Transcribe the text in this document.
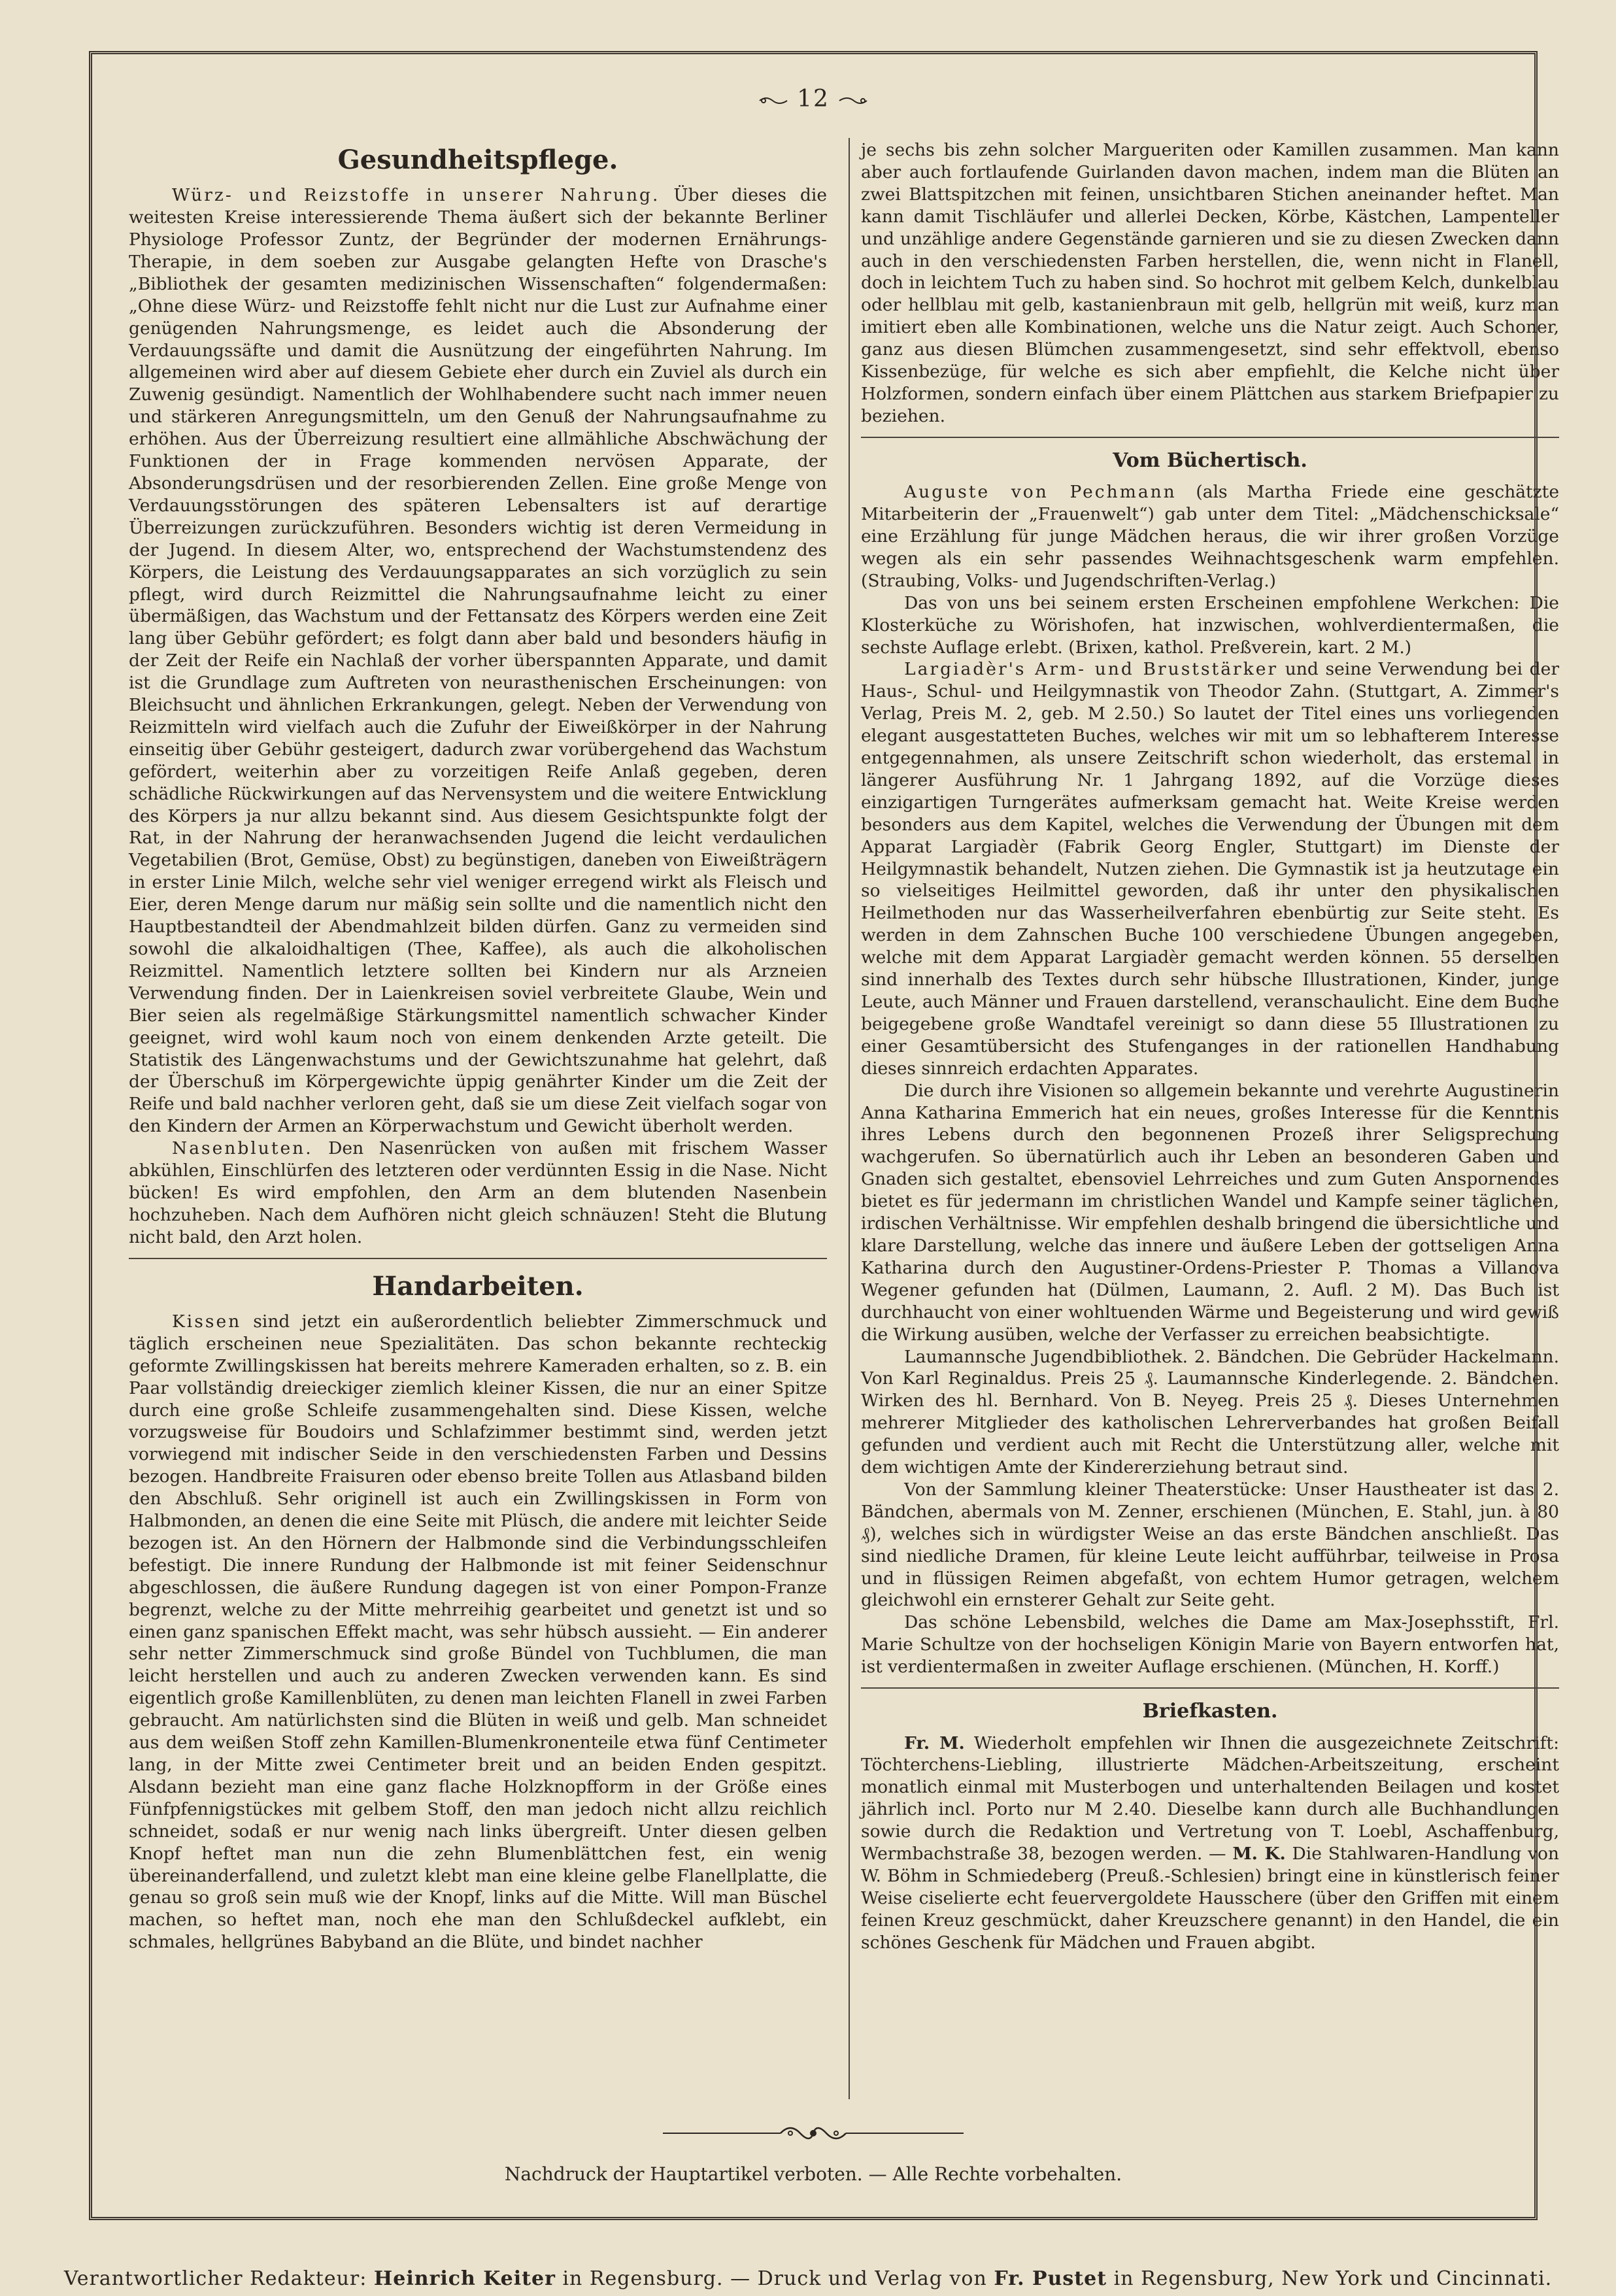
12
Gesundheitspflege.

Würz- und Reizstoffe in unserer Nahrung. Über dieses die weitesten Kreise interessierende Thema äußert sich der bekannte Berliner Physiologe Professor Zuntz, der Begründer der modernen Ernährungs-Therapie, in dem soeben zur Ausgabe gelangten Hefte von Drasche's „Bibliothek der gesamten medizinischen Wissenschaften“ folgendermaßen: „Ohne diese Würz- und Reizstoffe fehlt nicht nur die Lust zur Aufnahme einer genügenden Nahrungsmenge, es leidet auch die Absonderung der Verdauungssäfte und damit die Ausnützung der eingeführten Nahrung. Im allgemeinen wird aber auf diesem Gebiete eher durch ein Zuviel als durch ein Zuwenig gesündigt. Namentlich der Wohlhabendere sucht nach immer neuen und stärkeren Anregungsmitteln, um den Genuß der Nahrungsaufnahme zu erhöhen. Aus der Überreizung resultiert eine allmähliche Abschwächung der Funktionen der in Frage kommenden nervösen Apparate, der Absonderungsdrüsen und der resorbierenden Zellen. Eine große Menge von Verdauungsstörungen des späteren Lebensalters ist auf derartige Überreizungen zurückzuführen. Besonders wichtig ist deren Vermeidung in der Jugend. In diesem Alter, wo, entsprechend der Wachstumstendenz des Körpers, die Leistung des Verdauungsapparates an sich vorzüglich zu sein pflegt, wird durch Reizmittel die Nahrungsaufnahme leicht zu einer übermäßigen, das Wachstum und der Fettansatz des Körpers werden eine Zeit lang über Gebühr gefördert; es folgt dann aber bald und besonders häufig in der Zeit der Reife ein Nachlaß der vorher überspannten Apparate, und damit ist die Grundlage zum Auftreten von neurasthenischen Erscheinungen: von Bleichsucht und ähnlichen Erkrankungen, gelegt. Neben der Verwendung von Reizmitteln wird vielfach auch die Zufuhr der Eiweißkörper in der Nahrung einseitig über Gebühr gesteigert, dadurch zwar vorübergehend das Wachstum gefördert, weiterhin aber zu vorzeitigen Reife Anlaß gegeben, deren schädliche Rückwirkungen auf das Nervensystem und die weitere Entwicklung des Körpers ja nur allzu bekannt sind. Aus diesem Gesichtspunkte folgt der Rat, in der Nahrung der heranwachsenden Jugend die leicht verdaulichen Vegetabilien (Brot, Gemüse, Obst) zu begünstigen, daneben von Eiweißträgern in erster Linie Milch, welche sehr viel weniger erregend wirkt als Fleisch und Eier, deren Menge darum nur mäßig sein sollte und die namentlich nicht den Hauptbestandteil der Abendmahlzeit bilden dürfen. Ganz zu vermeiden sind sowohl die alkaloidhaltigen (Thee, Kaffee), als auch die alkoholischen Reizmittel. Namentlich letztere sollten bei Kindern nur als Arzneien Verwendung finden. Der in Laienkreisen soviel verbreitete Glaube, Wein und Bier seien als regelmäßige Stärkungsmittel namentlich schwacher Kinder geeignet, wird wohl kaum noch von einem denkenden Arzte geteilt. Die Statistik des Längenwachstums und der Gewichtszunahme hat gelehrt, daß der Überschuß im Körpergewichte üppig genährter Kinder um die Zeit der Reife und bald nachher verloren geht, daß sie um diese Zeit vielfach sogar von den Kindern der Armen an Körperwachstum und Gewicht überholt werden.

Nasenbluten. Den Nasenrücken von außen mit frischem Wasser abkühlen, Einschlürfen des letzteren oder verdünnten Essig in die Nase. Nicht bücken! Es wird empfohlen, den Arm an dem blutenden Nasenbein hochzuheben. Nach dem Aufhören nicht gleich schnäuzen! Steht die Blutung nicht bald, den Arzt holen.

Handarbeiten.

Kissen sind jetzt ein außerordentlich beliebter Zimmerschmuck und täglich erscheinen neue Spezialitäten. Das schon bekannte rechteckig geformte Zwillingskissen hat bereits mehrere Kameraden erhalten, so z. B. ein Paar vollständig dreieckiger ziemlich kleiner Kissen, die nur an einer Spitze durch eine große Schleife zusammengehalten sind. Diese Kissen, welche vorzugsweise für Boudoirs und Schlafzimmer bestimmt sind, werden jetzt vorwiegend mit indischer Seide in den verschiedensten Farben und Dessins bezogen. Handbreite Fraisuren oder ebenso breite Tollen aus Atlasband bilden den Abschluß. Sehr originell ist auch ein Zwillingskissen in Form von Halbmonden, an denen die eine Seite mit Plüsch, die andere mit leichter Seide bezogen ist. An den Hörnern der Halbmonde sind die Verbindungsschleifen befestigt. Die innere Rundung der Halbmonde ist mit feiner Seidenschnur abgeschlossen, die äußere Rundung dagegen ist von einer Pompon-Franze begrenzt, welche zu der Mitte mehrreihig gearbeitet und genetzt ist und so einen ganz spanischen Effekt macht, was sehr hübsch aussieht. — Ein anderer sehr netter Zimmerschmuck sind große Bündel von Tuchblumen, die man leicht herstellen und auch zu anderen Zwecken verwenden kann. Es sind eigentlich große Kamillenblüten, zu denen man leichten Flanell in zwei Farben gebraucht. Am natürlichsten sind die Blüten in weiß und gelb. Man schneidet aus dem weißen Stoff zehn Kamillen-Blumenkronenteile etwa fünf Centimeter lang, in der Mitte zwei Centimeter breit und an beiden Enden gespitzt. Alsdann bezieht man eine ganz flache Holzknopfform in der Größe eines Fünfpfennigstückes mit gelbem Stoff, den man jedoch nicht allzu reichlich schneidet, sodaß er nur wenig nach links übergreift. Unter diesen gelben Knopf heftet man nun die zehn Blumenblättchen fest, ein wenig übereinanderfallend, und zuletzt klebt man eine kleine gelbe Flanellplatte, die genau so groß sein muß wie der Knopf, links auf die Mitte. Will man Büschel machen, so heftet man, noch ehe man den Schlußdeckel aufklebt, ein schmales, hellgrünes Babyband an die Blüte, und bindet nachher

je sechs bis zehn solcher Margueriten oder Kamillen zusammen. Man kann aber auch fortlaufende Guirlanden davon machen, indem man die Blüten an zwei Blattspitzchen mit feinen, unsichtbaren Stichen aneinander heftet. Man kann damit Tischläufer und allerlei Decken, Körbe, Kästchen, Lampenteller und unzählige andere Gegenstände garnieren und sie zu diesen Zwecken dann auch in den verschiedensten Farben herstellen, die, wenn nicht in Flanell, doch in leichtem Tuch zu haben sind. So hochrot mit gelbem Kelch, dunkelblau oder hellblau mit gelb, kastanienbraun mit gelb, hellgrün mit weiß, kurz man imitiert eben alle Kombinationen, welche uns die Natur zeigt. Auch Schoner, ganz aus diesen Blümchen zusammengesetzt, sind sehr effektvoll, ebenso Kissenbezüge, für welche es sich aber empfiehlt, die Kelche nicht über Holzformen, sondern einfach über einem Plättchen aus starkem Briefpapier zu beziehen.

Vom Büchertisch.

Auguste von Pechmann (als Martha Friede eine geschätzte Mitarbeiterin der „Frauenwelt“) gab unter dem Titel: „Mädchenschicksale“ eine Erzählung für junge Mädchen heraus, die wir ihrer großen Vorzüge wegen als ein sehr passendes Weihnachtsgeschenk warm empfehlen. (Straubing, Volks- und Jugendschriften-Verlag.)

Das von uns bei seinem ersten Erscheinen empfohlene Werkchen: Die Klosterküche zu Wörishofen, hat inzwischen, wohlverdientermaßen, die sechste Auflage erlebt. (Brixen, kathol. Preßverein, kart. 2 M.)

Largiadèr's Arm- und Bruststärker und seine Verwendung bei der Haus-, Schul- und Heilgymnastik von Theodor Zahn. (Stuttgart, A. Zimmer's Verlag, Preis M. 2, geb. M 2.50.) So lautet der Titel eines uns vorliegenden elegant ausgestatteten Buches, welches wir mit um so lebhafterem Interesse entgegennahmen, als unsere Zeitschrift schon wiederholt, das erstemal in längerer Ausführung Nr. 1 Jahrgang 1892, auf die Vorzüge dieses einzigartigen Turngerätes aufmerksam gemacht hat. Weite Kreise werden besonders aus dem Kapitel, welches die Verwendung der Übungen mit dem Apparat Largiadèr (Fabrik Georg Engler, Stuttgart) im Dienste der Heilgymnastik behandelt, Nutzen ziehen. Die Gymnastik ist ja heutzutage ein so vielseitiges Heilmittel geworden, daß ihr unter den physikalischen Heilmethoden nur das Wasserheilverfahren ebenbürtig zur Seite steht. Es werden in dem Zahnschen Buche 100 verschiedene Übungen angegeben, welche mit dem Apparat Largiadèr gemacht werden können. 55 derselben sind innerhalb des Textes durch sehr hübsche Illustrationen, Kinder, junge Leute, auch Männer und Frauen darstellend, veranschaulicht. Eine dem Buche beigegebene große Wandtafel vereinigt so dann diese 55 Illustrationen zu einer Gesamtübersicht des Stufenganges in der rationellen Handhabung dieses sinnreich erdachten Apparates.

Die durch ihre Visionen so allgemein bekannte und verehrte Augustinerin Anna Katharina Emmerich hat ein neues, großes Interesse für die Kenntnis ihres Lebens durch den begonnenen Prozeß ihrer Seligsprechung wachgerufen. So übernatürlich auch ihr Leben an besonderen Gaben und Gnaden sich gestaltet, ebensoviel Lehrreiches und zum Guten Anspornendes bietet es für jedermann im christlichen Wandel und Kampfe seiner täglichen, irdischen Verhältnisse. Wir empfehlen deshalb bringend die übersichtliche und klare Darstellung, welche das innere und äußere Leben der gottseligen Anna Katharina durch den Augustiner-Ordens-Priester P. Thomas a Villanova Wegener gefunden hat (Dülmen, Laumann, 2. Aufl. 2 M). Das Buch ist durchhaucht von einer wohltuenden Wärme und Begeisterung und wird gewiß die Wirkung ausüben, welche der Verfasser zu erreichen beabsichtigte.

Laumannsche Jugendbibliothek. 2. Bändchen. Die Gebrüder Hackelmann. Von Karl Reginaldus. Preis 25 ₰. Laumannsche Kinderlegende. 2. Bändchen. Wirken des hl. Bernhard. Von B. Neyeg. Preis 25 ₰. Dieses Unternehmen mehrerer Mitglieder des katholischen Lehrerverbandes hat großen Beifall gefunden und verdient auch mit Recht die Unterstützung aller, welche mit dem wichtigen Amte der Kindererziehung betraut sind.

Von der Sammlung kleiner Theaterstücke: Unser Haustheater ist das 2. Bändchen, abermals von M. Zenner, erschienen (München, E. Stahl, jun. à 80 ₰), welches sich in würdigster Weise an das erste Bändchen anschließt. Das sind niedliche Dramen, für kleine Leute leicht aufführbar, teilweise in Prosa und in flüssigen Reimen abgefaßt, von echtem Humor getragen, welchem gleichwohl ein ernsterer Gehalt zur Seite geht.

Das schöne Lebensbild, welches die Dame am Max-Josephsstift, Frl. Marie Schultze von der hochseligen Königin Marie von Bayern entworfen hat, ist verdientermaßen in zweiter Auflage erschienen. (München, H. Korff.)

Briefkasten.

Fr. M. Wiederholt empfehlen wir Ihnen die ausgezeichnete Zeitschrift: Töchterchens-Liebling, illustrierte Mädchen-Arbeitszeitung, erscheint monatlich einmal mit Musterbogen und unterhaltenden Beilagen und kostet jährlich incl. Porto nur M 2.40. Dieselbe kann durch alle Buchhandlungen sowie durch die Redaktion und Vertretung von T. Loebl, Aschaffenburg, Wermbachstraße 38, bezogen werden. — M. K. Die Stahlwaren-Handlung von W. Böhm in Schmiedeberg (Preuß.-Schlesien) bringt eine in künstlerisch feiner Weise ciselierte echt feuervergoldete Hausschere (über den Griffen mit einem feinen Kreuz geschmückt, daher Kreuzschere genannt) in den Handel, die ein schönes Geschenk für Mädchen und Frauen abgibt.

Nachdruck der Hauptartikel verboten. — Alle Rechte vorbehalten.
Verantwortlicher Redakteur: Heinrich Keiter in Regensburg. — Druck und Verlag von Fr. Pustet in Regensburg, New York und Cincinnati.
